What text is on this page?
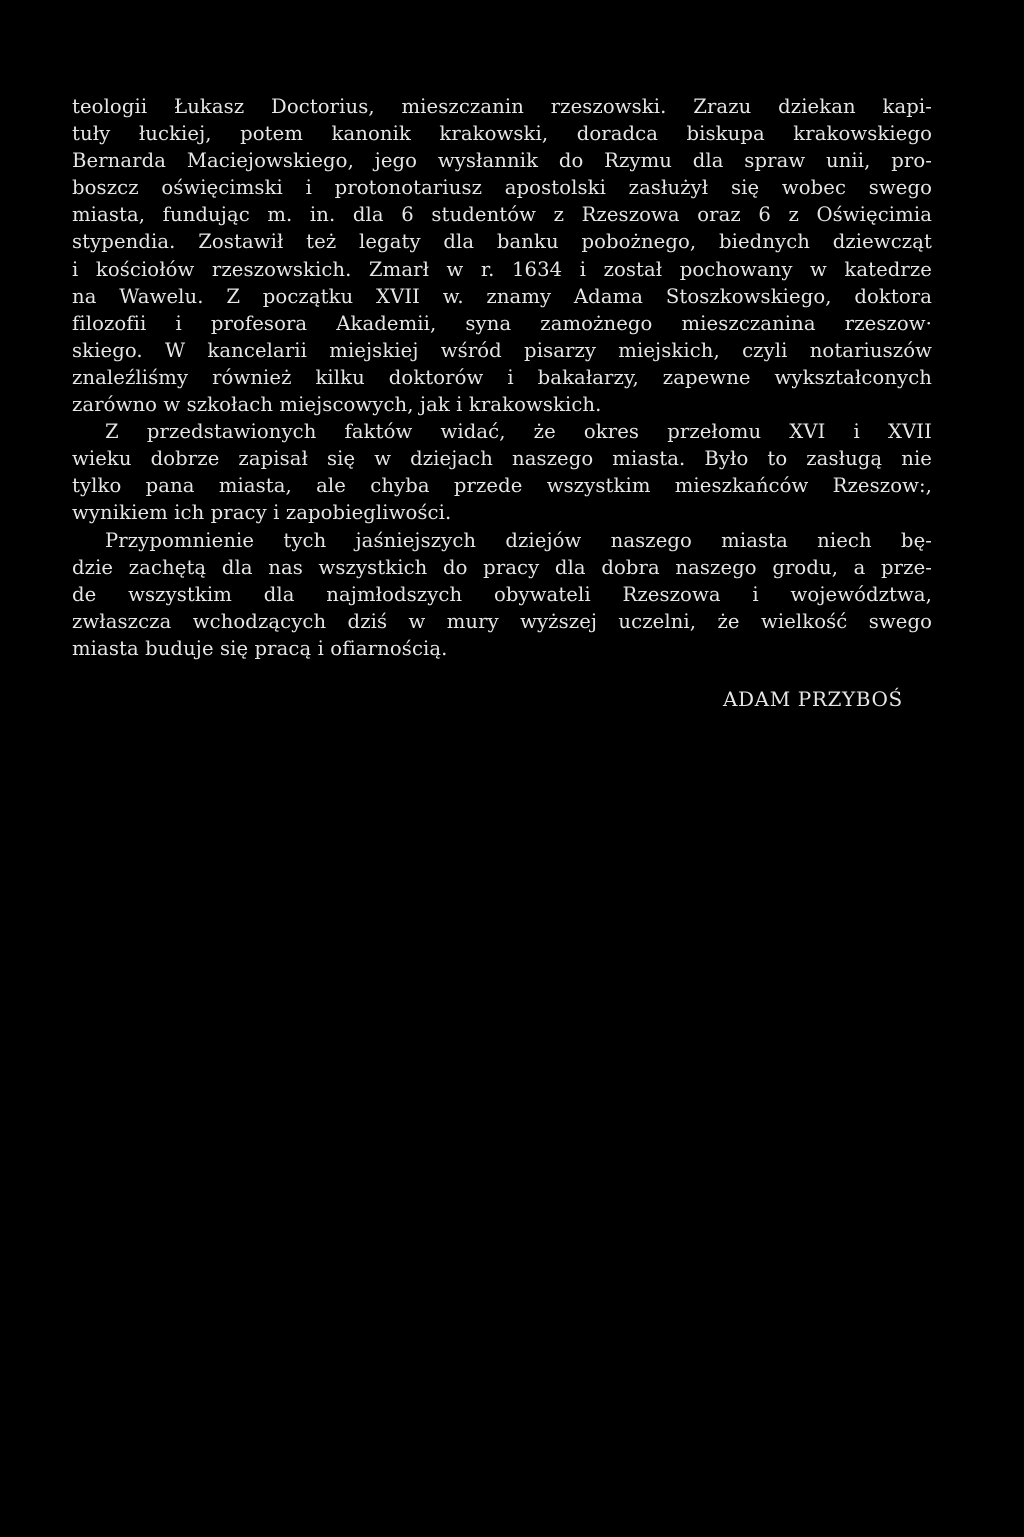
teologii Łukasz Doctorius, mieszczanin rzeszowski. Zrazu dziekan kapi-
tuły łuckiej, potem kanonik krakowski, doradca biskupa krakowskiego
Bernarda Maciejowskiego, jego wysłannik do Rzymu dla spraw unii, pro-
boszcz oświęcimski i protonotariusz apostolski zasłużył się wobec swego
miasta, fundując m. in. dla 6 studentów z Rzeszowa oraz 6 z Oświęcimia
stypendia. Zostawił też legaty dla banku pobożnego, biednych dziewcząt
i kościołów rzeszowskich. Zmarł w r. 1634 i został pochowany w katedrze
na Wawelu. Z początku XVII w. znamy Adama Stoszkowskiego, doktora
filozofii i profesora Akademii, syna zamożnego mieszczanina rzeszow·
skiego. W kancelarii miejskiej wśród pisarzy miejskich, czyli notariuszów
znaleźliśmy również kilku doktorów i bakałarzy, zapewne wykształconych
zarówno w szkołach miejscowych, jak i krakowskich.
Z przedstawionych faktów widać, że okres przełomu XVI i XVII
wieku dobrze zapisał się w dziejach naszego miasta. Było to zasługą nie
tylko pana miasta, ale chyba przede wszystkim mieszkańców Rzeszow:,
wynikiem ich pracy i zapobiegliwości.
Przypomnienie tych jaśniejszych dziejów naszego miasta niech bę-
dzie zachętą dla nas wszystkich do pracy dla dobra naszego grodu, a prze-
de wszystkim dla najmłodszych obywateli Rzeszowa i województwa,
zwłaszcza wchodzących dziś w mury wyższej uczelni, że wielkość swego
miasta buduje się pracą i ofiarnością.
ADAM PRZYBOŚ
